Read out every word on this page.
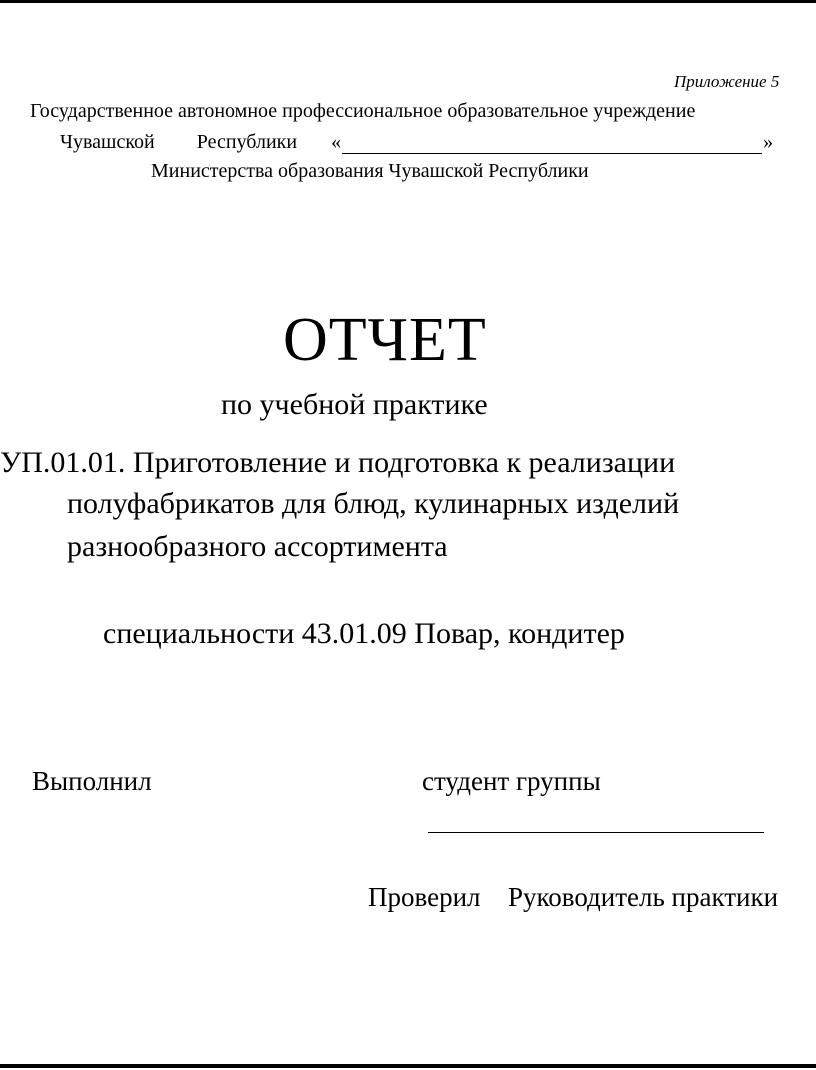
Приложение 5
Государственное автономное профессиональное образовательное учреждение
Чувашской Республики «	»
Министерства образования Чувашской Республики
ОТЧЕТ
по учебной практике
УП.01.01. Приготовление и подготовка к реализации
полуфабрикатов для блюд, кулинарных изделий
разнообразного ассортимента
специальности 43.01.09 Повар, кондитер
Выполнил	студент группы
Проверил Руководитель практики
